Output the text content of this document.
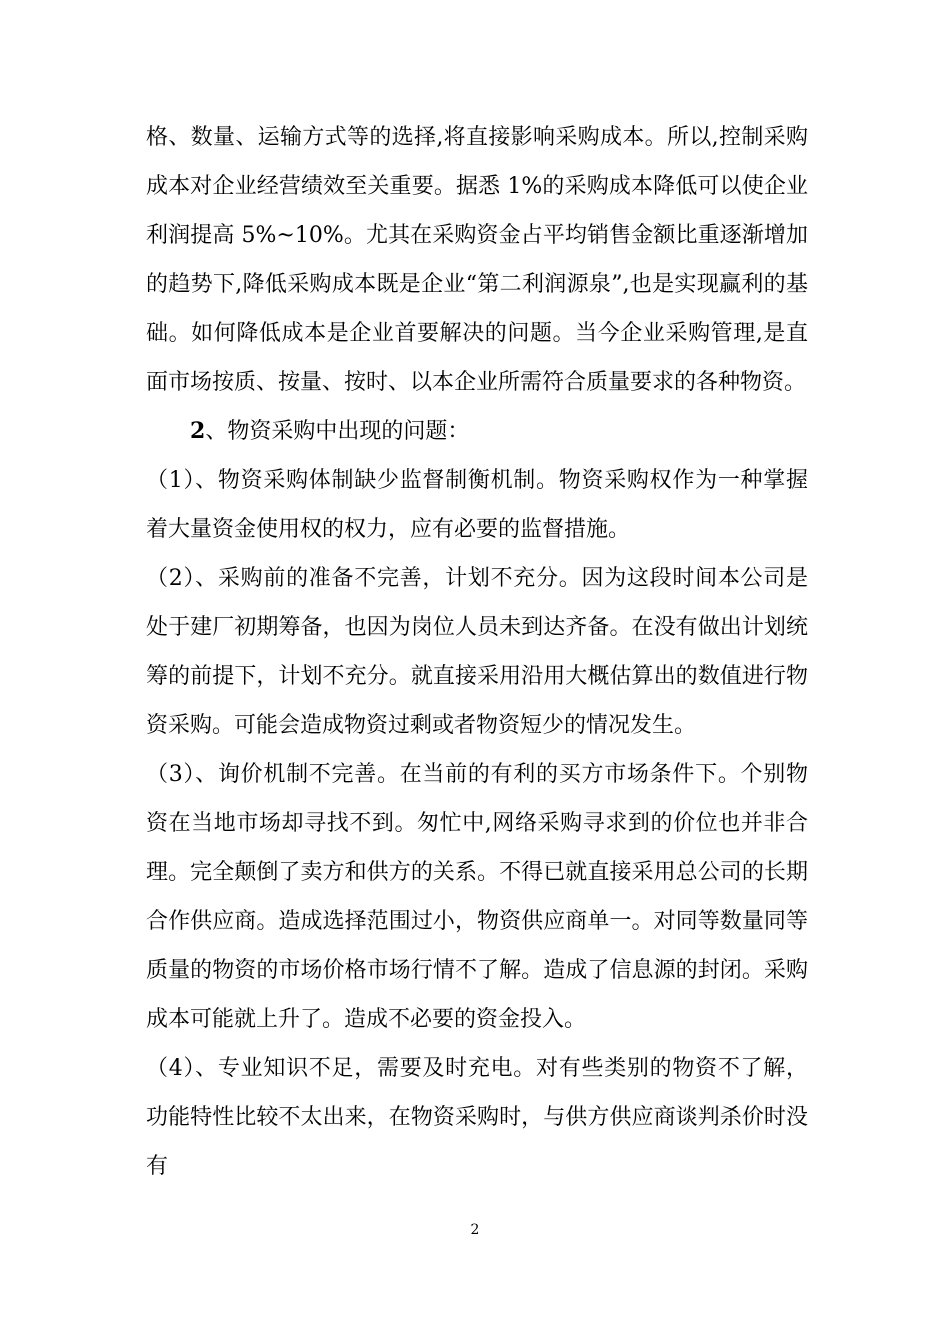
格、数量、运输方式等的选择,将直接影响采购成本。所以,控制采购成本对企业经营绩效至关重要。据悉 1%的采购成本降低可以使企业利润提高 5%~10%。尤其在采购资金占平均销售金额比重逐渐增加的趋势下,降低采购成本既是企业“第二利润源泉”,也是实现赢利的基础。如何降低成本是企业首要解决的问题。当今企业采购管理,是直面市场按质、按量、按时、以本企业所需符合质量要求的各种物资。

2、物资采购中出现的问题：

（1）、物资采购体制缺少监督制衡机制。物资采购权作为一种掌握着大量资金使用权的权力，应有必要的监督措施。

（2）、采购前的准备不完善，计划不充分。因为这段时间本公司是处于建厂初期筹备，也因为岗位人员未到达齐备。在没有做出计划统筹的前提下，计划不充分。就直接采用沿用大概估算出的数值进行物资采购。可能会造成物资过剩或者物资短少的情况发生。

（3）、询价机制不完善。在当前的有利的买方市场条件下。个别物资在当地市场却寻找不到。匆忙中,网络采购寻求到的价位也并非合理。完全颠倒了卖方和供方的关系。不得已就直接采用总公司的长期合作供应商。造成选择范围过小，物资供应商单一。对同等数量同等质量的物资的市场价格市场行情不了解。造成了信息源的封闭。采购成本可能就上升了。造成不必要的资金投入。

（4）、专业知识不足，需要及时充电。对有些类别的物资不了解，功能特性比较不太出来，在物资采购时，与供方供应商谈判杀价时没有

2
